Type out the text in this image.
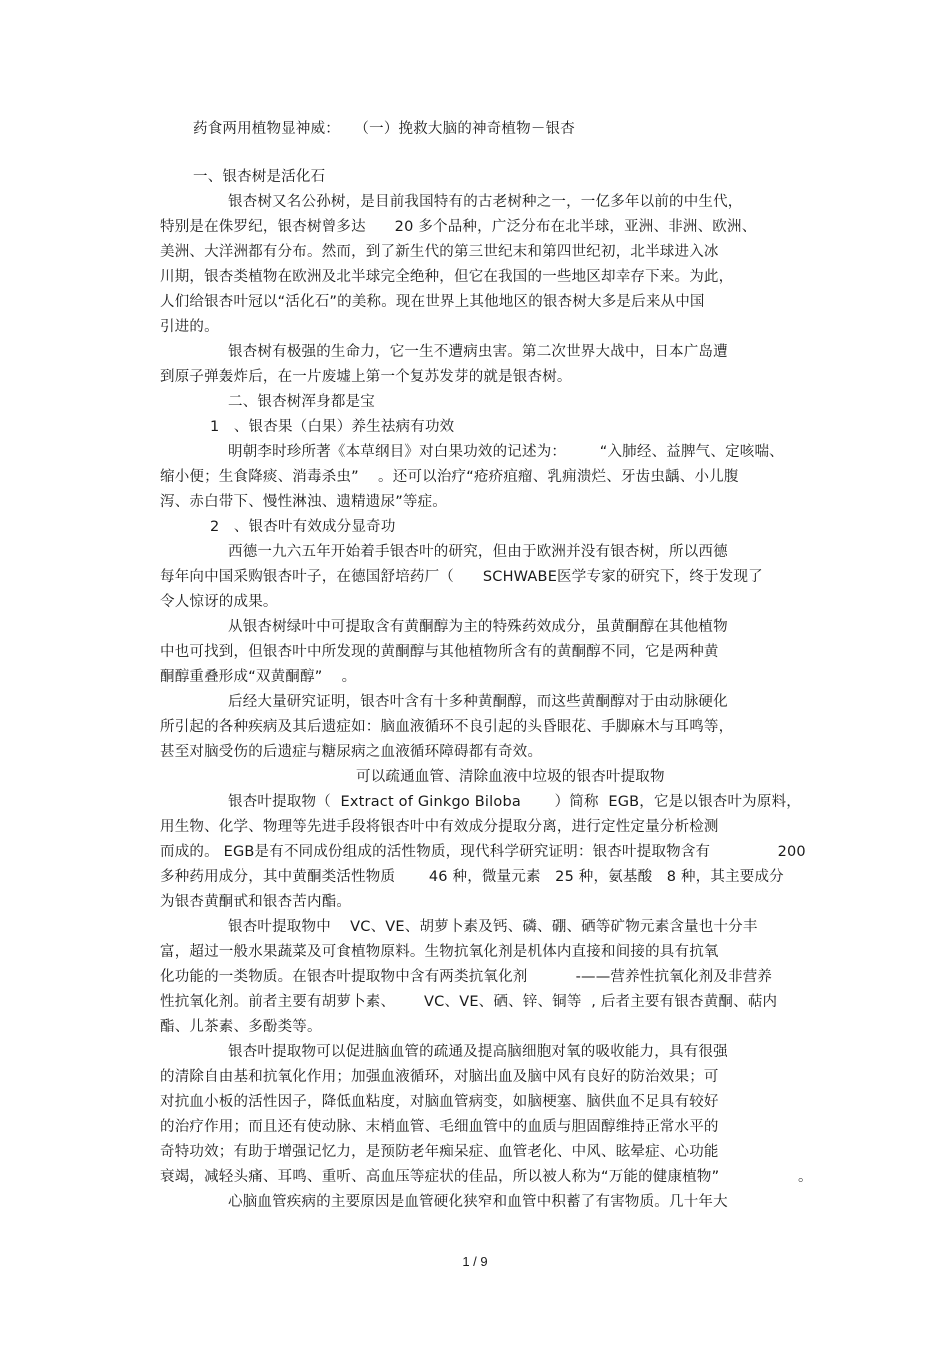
药食两用植物显神威：   （一）挽救大脑的神奇植物－银杏
一、银杏树是活化石
银杏树又名公孙树，是目前我国特有的古老树种之一，一亿多年以前的中生代，
特别是在侏罗纪，银杏树曾多达      20 多个品种，广泛分布在北半球，亚洲、非洲、欧洲、
美洲、大洋洲都有分布。然而，到了新生代的第三世纪末和第四世纪初，北半球进入冰
川期，银杏类植物在欧洲及北半球完全绝种，但它在我国的一些地区却幸存下来。为此，
人们给银杏叶冠以“活化石”的美称。现在世界上其他地区的银杏树大多是后来从中国
引进的。
银杏树有极强的生命力，它一生不遭病虫害。第二次世界大战中，日本广岛遭
到原子弹轰炸后，在一片废墟上第一个复苏发芽的就是银杏树。
二、银杏树浑身都是宝
1   、银杏果（白果）养生祛病有功效
明朝李时珍所著《本草纲目》对白果功效的记述为：       “入肺经、益脾气、定咳喘、
缩小便；生食降痰、消毒杀虫”    。还可以治疗“疮疥疽瘤、乳痈溃烂、牙齿虫龋、小儿腹
泻、赤白带下、慢性淋浊、遗精遗尿”等症。
2   、银杏叶有效成分显奇功
西德一九六五年开始着手银杏叶的研究，但由于欧洲并没有银杏树，所以西德
每年向中国采购银杏叶子，在德国舒培药厂（      SCHWABE医学专家的研究下，终于发现了
令人惊讶的成果。
从银杏树绿叶中可提取含有黄酮醇为主的特殊药效成分，虽黄酮醇在其他植物
中也可找到，但银杏叶中所发现的黄酮醇与其他植物所含有的黄酮醇不同，它是两种黄
酮醇重叠形成“双黄酮醇”    。
后经大量研究证明，银杏叶含有十多种黄酮醇，而这些黄酮醇对于由动脉硬化
所引起的各种疾病及其后遗症如：脑血液循环不良引起的头昏眼花、手脚麻木与耳鸣等，
甚至对脑受伤的后遗症与糖尿病之血液循环障碍都有奇效。
可以疏通血管、清除血液中垃圾的银杏叶提取物
银杏叶提取物（  Extract of Ginkgo Biloba       ）简称  EGB，它是以银杏叶为原料，
用生物、化学、物理等先进手段将银杏叶中有效成分提取分离，进行定性定量分析检测
而成的。 EGB是有不同成份组成的活性物质，现代科学研究证明：银杏叶提取物含有              200
多种药用成分，其中黄酮类活性物质       46 种，微量元素   25 种，氨基酸   8 种，其主要成分
为银杏黄酮甙和银杏苦内酯。
银杏叶提取物中    VC、VE、胡萝卜素及钙、磷、硼、硒等矿物元素含量也十分丰
富，超过一般水果蔬菜及可食植物原料。生物抗氧化剂是机体内直接和间接的具有抗氧
化功能的一类物质。在银杏叶提取物中含有两类抗氧化剂          -——营养性抗氧化剂及非营养
性抗氧化剂。前者主要有胡萝卜素、      VC、VE、硒、锌、铜等  , 后者主要有银杏黄酮、萜内
酯、儿茶素、多酚类等。
银杏叶提取物可以促进脑血管的疏通及提高脑细胞对氧的吸收能力，具有很强
的清除自由基和抗氧化作用；加强血液循环，对脑出血及脑中风有良好的防治效果；可
对抗血小板的活性因子，降低血粘度，对脑血管病变，如脑梗塞、脑供血不足具有较好
的治疗作用；而且还有使动脉、末梢血管、毛细血管中的血质与胆固醇维持正常水平的
奇特功效；有助于增强记忆力，是预防老年痴呆症、血管老化、中风、眩晕症、心功能
衰竭，减轻头痛、耳鸣、重听、高血压等症状的佳品，所以被人称为“万能的健康植物”	。
心脑血管疾病的主要原因是血管硬化狭窄和血管中积蓄了有害物质。几十年大
1 / 9
